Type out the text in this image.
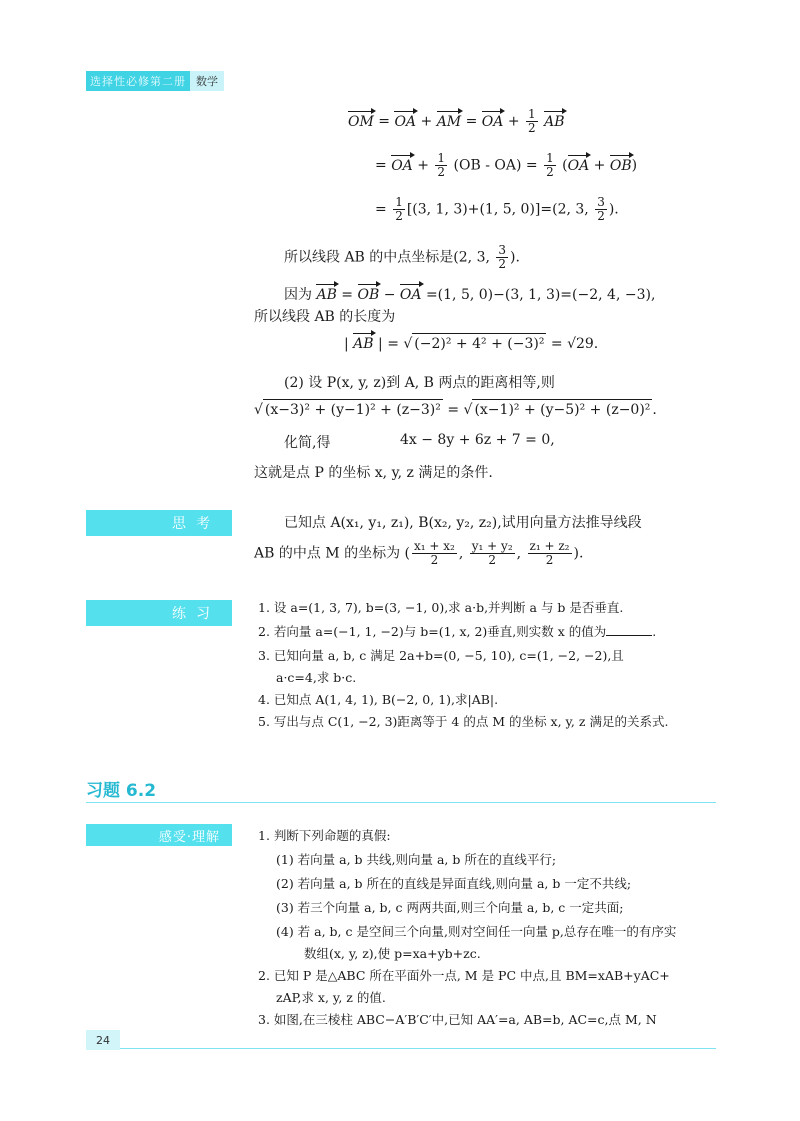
选择性必修第二册 数学
OM = OA + AM = OA + $\frac{1}{2}$ AB
= OA + $\frac{1}{2} (OB - OA) = \frac{1}{2} (OA + OB)$
= $\frac{1}{2} [(3$, 1, 3)+(1, 5, 0)]=(2, 3, $\frac{3}{2}$ ).
所以线段 AB 的中点坐标是(2, 3, $\frac{3}{2}$ ).
因为 AB = OB − OA =(1, 5, 0)−(3, 1, 3)=(−2, 4, −3),
所以线段 AB 的长度为
| AB | = √ (−2)² + 4² + (−3)² = √29.
(2) 设 P(x, y, z)到 A, B 两点的距离相等,则
√ (x−3)² + (y−1)² + (z−3)² = √ (x−1)² + (y−5)² + (z−0)² .
化简,得	4x − 8y + 6z + 7 = 0,
这就是点 P 的坐标 x, y, z 满足的条件.
思考	已知点 A(x₁, y₁, z₁), B(x₂, y₂, z₂),试用向量方法推导线段
AB 的中点 M 的坐标为 ( $\frac{\text{x₁ + x₂}}{2}$ , $\frac{\text{y₁ + y₂}}{2}$ , $\frac{\text{z₁ + z₂}}{2}$ ).
练习	1. 设 a=(1, 3, 7), b=(3, −1, 0),求 a·b,并判断 a 与 b 是否垂直.
2. 若向量 a=(−1, 1, −2)与 b=(1, x, 2)垂直,则实数 x 的值为	.
3. 已知向量 a, b, c 满足 2a+b=(0, −5, 10), c=(1, −2, −2),且
a·c=4,求 b·c.
4. 已知点 A(1, 4, 1), B(−2, 0, 1),求|AB|.
5. 写出与点 C(1, −2, 3)距离等于 4 的点 M 的坐标 x, y, z 满足的关系式.
习题 6.2
感受·理解	1. 判断下列命题的真假:
(1) 若向量 a, b 共线,则向量 a, b 所在的直线平行;
(2) 若向量 a, b 所在的直线是异面直线,则向量 a, b 一定不共线;
(3) 若三个向量 a, b, c 两两共面,则三个向量 a, b, c 一定共面;
(4) 若 a, b, c 是空间三个向量,则对空间任一向量 p,总存在唯一的有序实
数组(x, y, z),使 p=xa+yb+zc.
2. 已知 P 是△ABC 所在平面外一点, M 是 PC 中点,且 BM=xAB+yAC+
zAP,求 x, y, z 的值.
3. 如图,在三棱柱 ABC−A′B′C′中,已知 AA′=a, AB=b, AC=c,点 M, N
24
